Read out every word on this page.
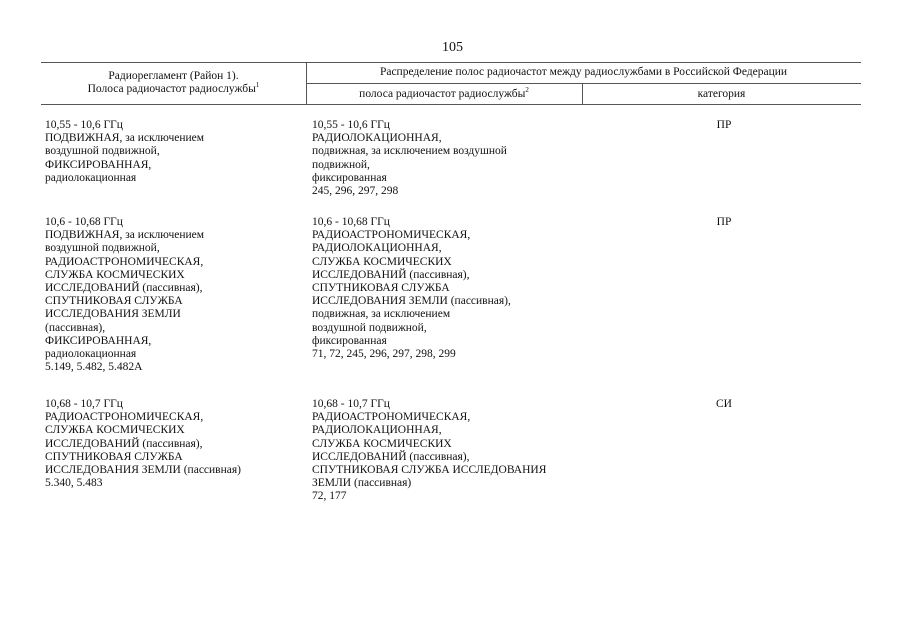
105
Радиорегламент (Район 1).
Полоса радиочастот радиослужбы$^1$
Распределение полос радиочастот между радиослужбами в Российской Федерации
полоса радиочастот радиослужбы$^2$	категория
10,55 - 10,6 ГГц
ПОДВИЖНАЯ, за исключением
воздушной подвижной,
ФИКСИРОВАННАЯ,
радиолокационная
10,55 - 10,6 ГГц
РАДИОЛОКАЦИОННАЯ,
подвижная, за исключением воздушной
подвижной,
фиксированная
245, 296, 297, 298
ПР
10,6 - 10,68 ГГц
ПОДВИЖНАЯ, за исключением
воздушной подвижной,
РАДИОАСТРОНОМИЧЕСКАЯ,
СЛУЖБА КОСМИЧЕСКИХ
ИССЛЕДОВАНИЙ (пассивная),
СПУТНИКОВАЯ СЛУЖБА
ИССЛЕДОВАНИЯ ЗЕМЛИ
(пассивная),
ФИКСИРОВАННАЯ,
радиолокационная
5.149, 5.482, 5.482А
10,6 - 10,68 ГГц
РАДИОАСТРОНОМИЧЕСКАЯ,
РАДИОЛОКАЦИОННАЯ,
СЛУЖБА КОСМИЧЕСКИХ
ИССЛЕДОВАНИЙ (пассивная),
СПУТНИКОВАЯ СЛУЖБА
ИССЛЕДОВАНИЯ ЗЕМЛИ (пассивная),
подвижная, за исключением
воздушной подвижной,
фиксированная
71, 72, 245, 296, 297, 298, 299
ПР
10,68 - 10,7 ГГц
РАДИОАСТРОНОМИЧЕСКАЯ,
СЛУЖБА КОСМИЧЕСКИХ
ИССЛЕДОВАНИЙ (пассивная),
СПУТНИКОВАЯ СЛУЖБА
ИССЛЕДОВАНИЯ ЗЕМЛИ (пассивная)
5.340, 5.483
10,68 - 10,7 ГГц
РАДИОАСТРОНОМИЧЕСКАЯ,
РАДИОЛОКАЦИОННАЯ,
СЛУЖБА КОСМИЧЕСКИХ
ИССЛЕДОВАНИЙ (пассивная),
СПУТНИКОВАЯ СЛУЖБА ИССЛЕДОВАНИЯ
ЗЕМЛИ (пассивная)
72, 177
СИ
